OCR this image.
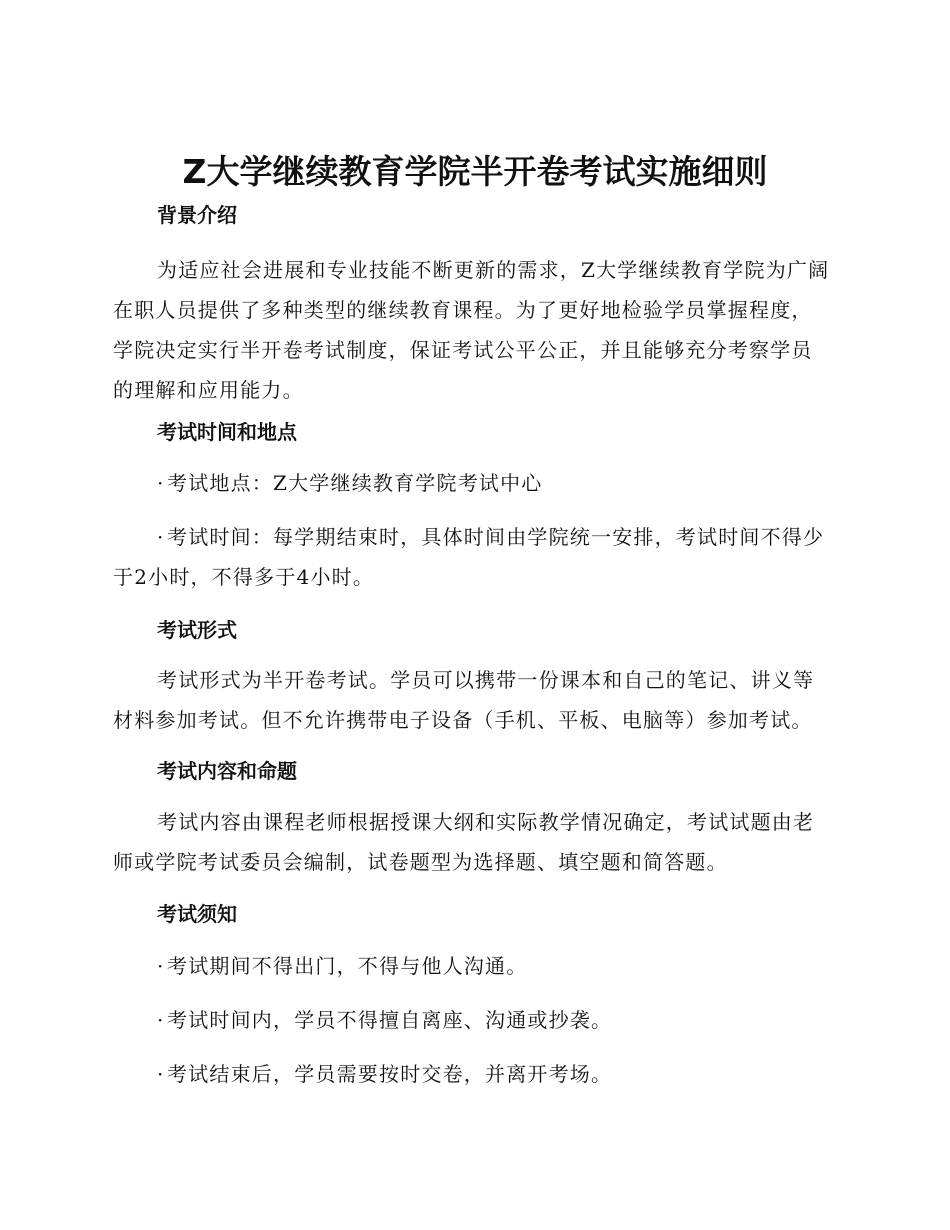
Z大学继续教育学院半开卷考试实施细则
背景介绍
为适应社会进展和专业技能不断更新的需求，Z大学继续教育学院为广阔在职人员提供了多种类型的继续教育课程。为了更好地检验学员掌握程度，学院决定实行半开卷考试制度，保证考试公平公正，并且能够充分考察学员的理解和应用能力。
考试时间和地点
· 考试地点：Z大学继续教育学院考试中心
· 考试时间：每学期结束时，具体时间由学院统一安排，考试时间不得少于2小时，不得多于4小时。
考试形式
考试形式为半开卷考试。学员可以携带一份课本和自己的笔记、讲义等材料参加考试。但不允许携带电子设备（手机、平板、电脑等）参加考试。
考试内容和命题
考试内容由课程老师根据授课大纲和实际教学情况确定，考试试题由老师或学院考试委员会编制，试卷题型为选择题、填空题和简答题。
考试须知
· 考试期间不得出门，不得与他人沟通。
· 考试时间内，学员不得擅自离座、沟通或抄袭。
· 考试结束后，学员需要按时交卷，并离开考场。
